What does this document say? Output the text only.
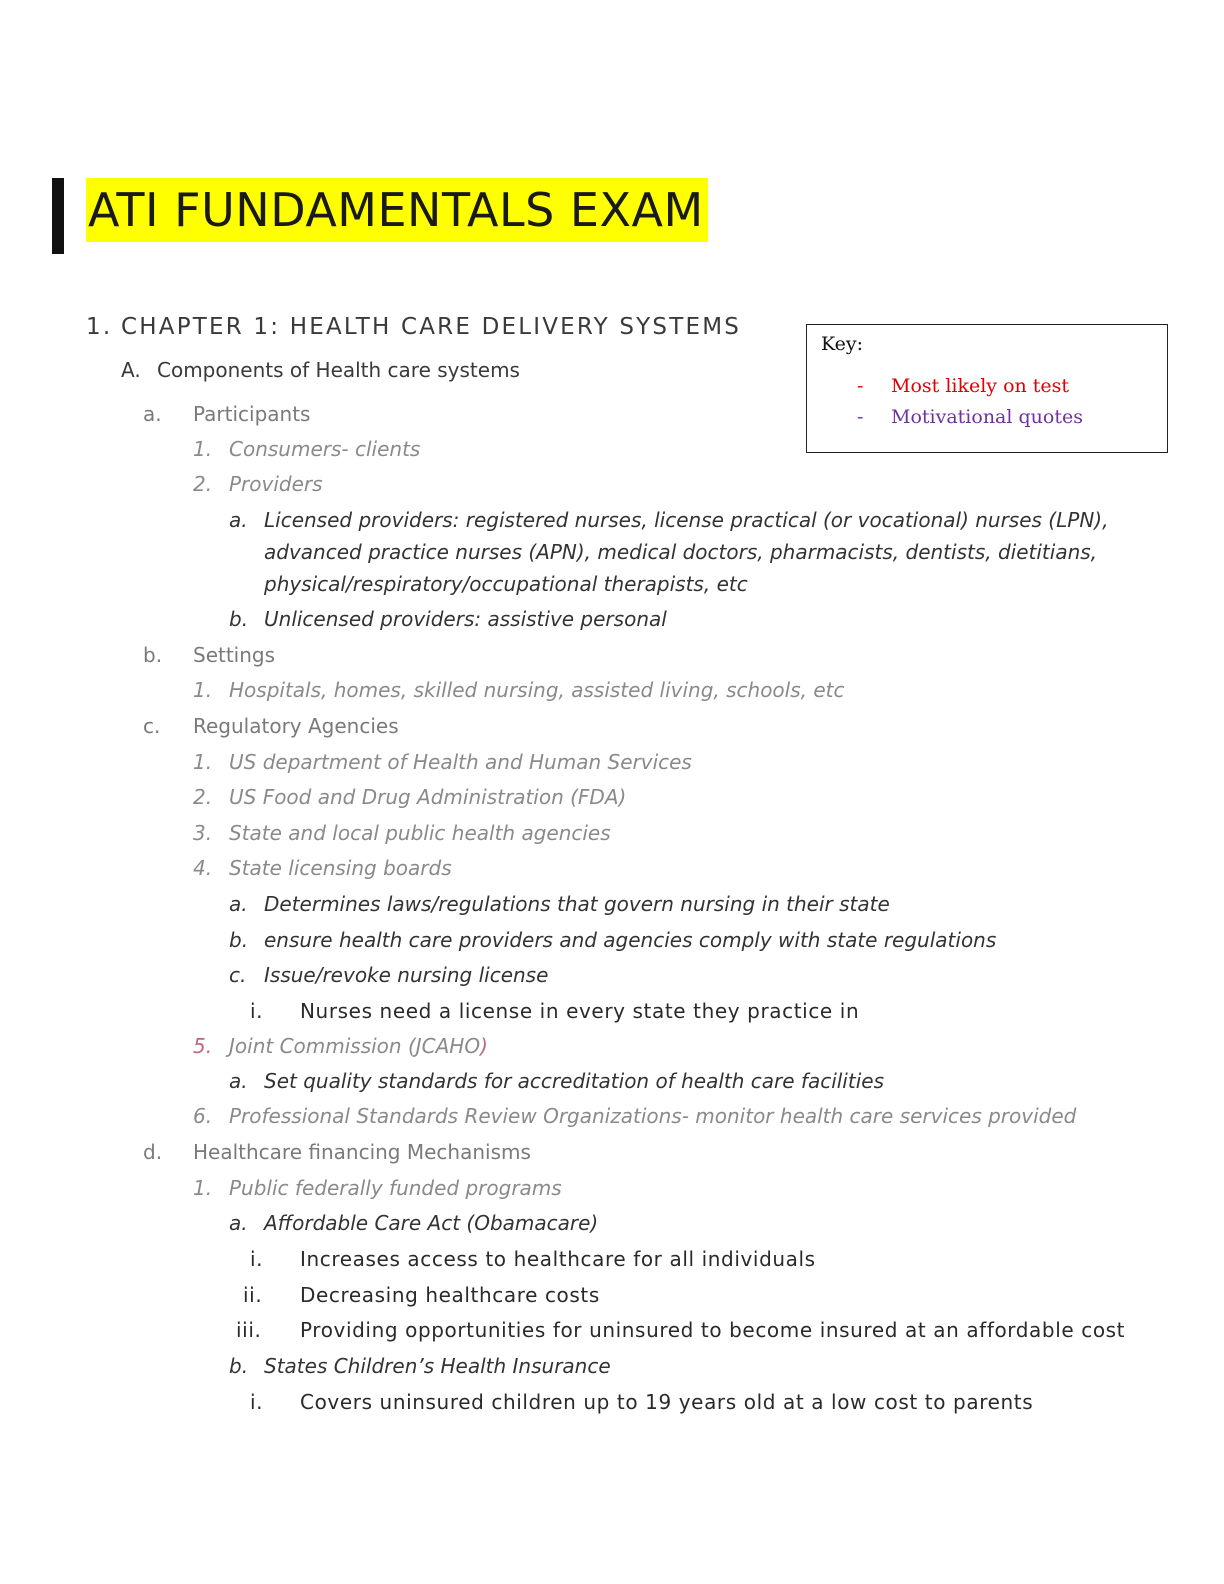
ATI FUNDAMENTALS EXAM
1. CHAPTER 1: HEALTH CARE DELIVERY SYSTEMS
A. Components of Health care systems
Key:
- Most likely on test
- Motivational quotes
a. Participants
1. Consumers- clients
2. Providers
a. Licensed providers: registered nurses, license practical (or vocational) nurses (LPN),
advanced practice nurses (APN), medical doctors, pharmacists, dentists, dietitians,
physical/respiratory/occupational therapists, etc
b. Unlicensed providers: assistive personal
b. Settings
1. Hospitals, homes, skilled nursing, assisted living, schools, etc
c. Regulatory Agencies
1. US department of Health and Human Services
2. US Food and Drug Administration (FDA)
3. State and local public health agencies
4. State licensing boards
a. Determines laws/regulations that govern nursing in their state
b. ensure health care providers and agencies comply with state regulations
c. Issue/revoke nursing license
i. Nurses need a license in every state they practice in
5. Joint Commission (JCAHO)
a. Set quality standards for accreditation of health care facilities
6. Professional Standards Review Organizations- monitor health care services provided
d. Healthcare financing Mechanisms
1. Public federally funded programs
a. Affordable Care Act (Obamacare)
i. Increases access to healthcare for all individuals
ii. Decreasing healthcare costs
iii. Providing opportunities for uninsured to become insured at an affordable cost
b. States Children’s Health Insurance
i. Covers uninsured children up to 19 years old at a low cost to parents
